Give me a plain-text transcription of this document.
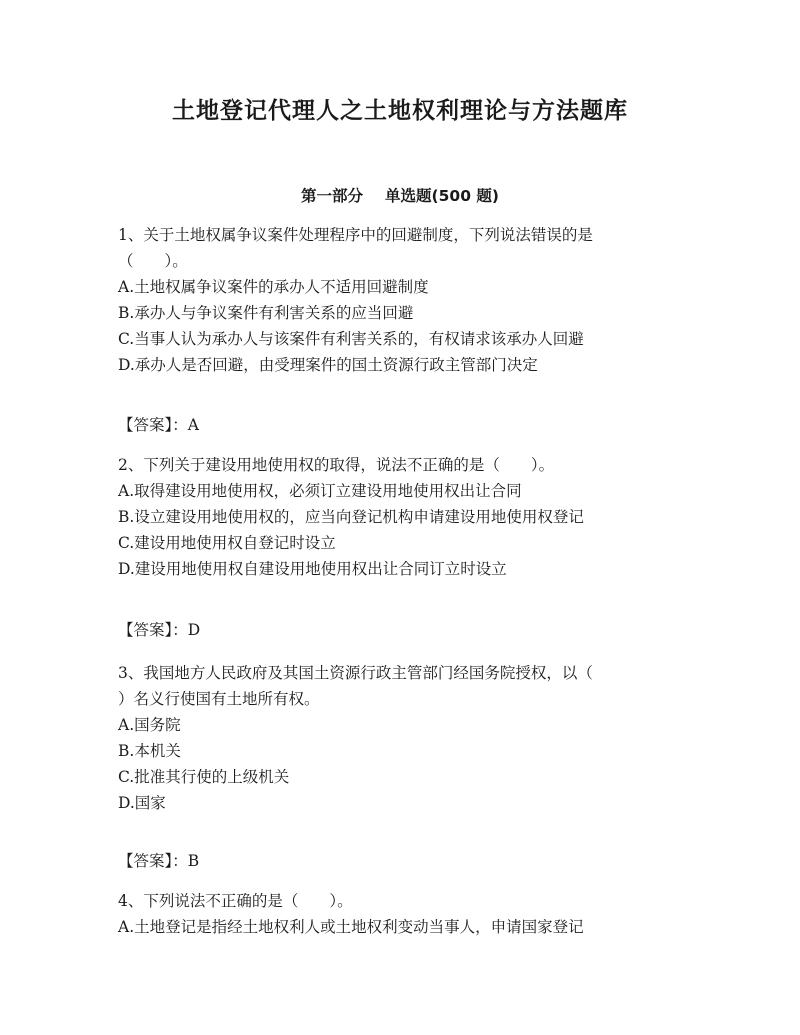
土地登记代理人之土地权利理论与方法题库
第一部分 单选题(500 题)
1、关于土地权属争议案件处理程序中的回避制度，下列说法错误的是
（　　）。
A.土地权属争议案件的承办人不适用回避制度
B.承办人与争议案件有利害关系的应当回避
C.当事人认为承办人与该案件有利害关系的，有权请求该承办人回避
D.承办人是否回避，由受理案件的国土资源行政主管部门决定
【答案】：A
2、下列关于建设用地使用权的取得，说法不正确的是（　　）。
A.取得建设用地使用权，必须订立建设用地使用权出让合同
B.设立建设用地使用权的，应当向登记机构申请建设用地使用权登记
C.建设用地使用权自登记时设立
D.建设用地使用权自建设用地使用权出让合同订立时设立
【答案】：D
3、我国地方人民政府及其国土资源行政主管部门经国务院授权，以（
）名义行使国有土地所有权。
A.国务院
B.本机关
C.批准其行使的上级机关
D.国家
【答案】：B
4、下列说法不正确的是（　　）。
A.土地登记是指经土地权利人或土地权利变动当事人，申请国家登记
